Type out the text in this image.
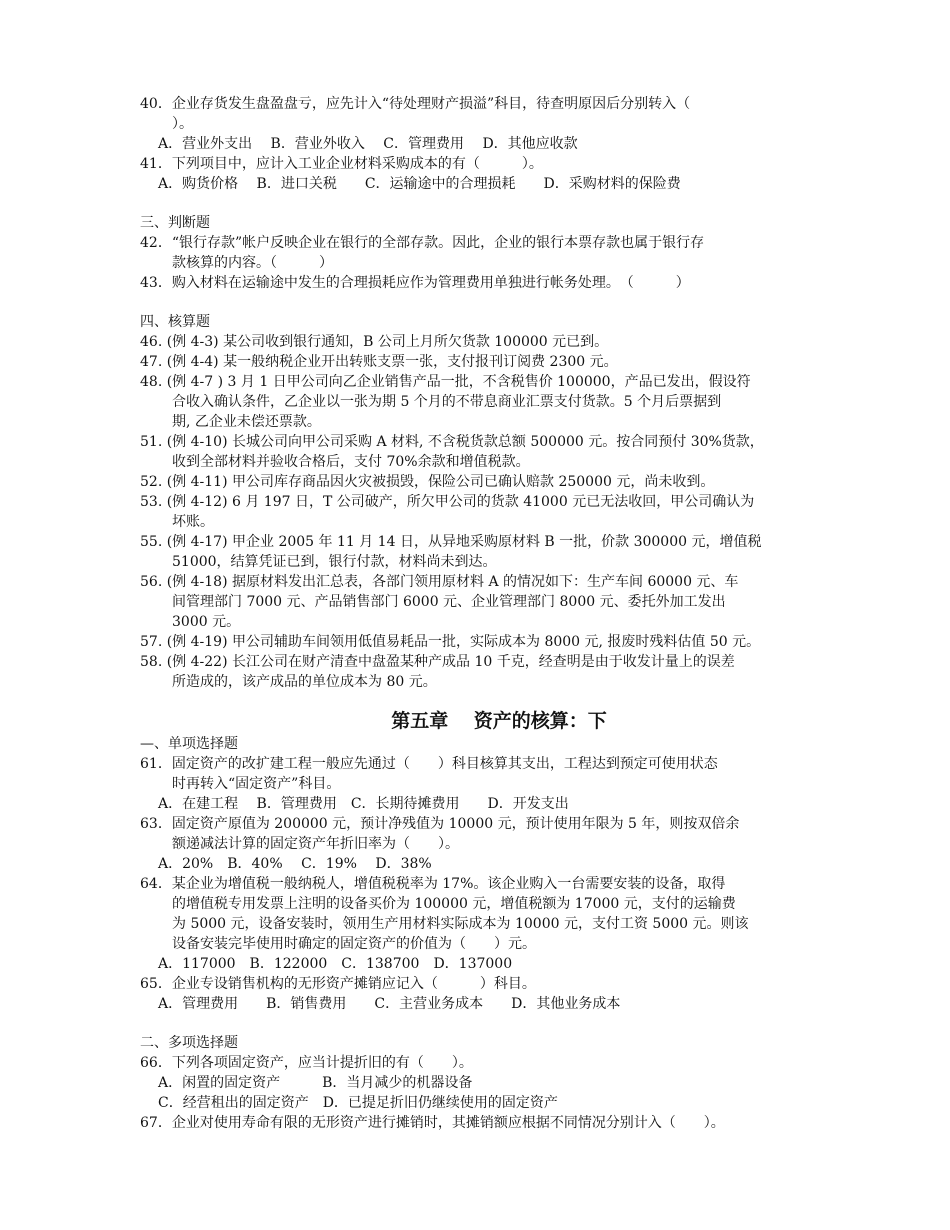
40．企业存货发生盘盈盘亏，应先计入“待处理财产损溢”科目，待查明原因后分别转入（
）。
A．营业外支出　 B．营业外收入　 C．管理费用　 D．其他应收款
41．下列项目中，应计入工业企业材料采购成本的有（　　　）。
A．购货价格　 B．进口关税　　C．运输途中的合理损耗　　D．采购材料的保险费
三、判断题
42．“银行存款”帐户反映企业在银行的全部存款。因此，企业的银行本票存款也属于银行存
款核算的内容。（　　　）
43．购入材料在运输途中发生的合理损耗应作为管理费用单独进行帐务处理。　（　　　）
四、核算题
46. (例 4-3) 某公司收到银行通知，B 公司上月所欠货款 100000 元已到。
47. (例 4-4) 某一般纳税企业开出转账支票一张，支付报刊订阅费 2300 元。
48. (例 4-7 ) 3 月 1 日甲公司向乙企业销售产品一批，不含税售价 100000，产品已发出，假设符
合收入确认条件，乙企业以一张为期 5 个月的不带息商业汇票支付货款。5 个月后票据到
期, 乙企业未偿还票款。
51. (例 4-10) 长城公司向甲公司采购 A 材料, 不含税货款总额 500000 元。按合同预付 30%货款，
收到全部材料并验收合格后，支付 70%余款和增值税款。
52. (例 4-11) 甲公司库存商品因火灾被损毁，保险公司已确认赔款 250000 元，尚未收到。
53. (例 4-12) 6 月 197 日，T 公司破产，所欠甲公司的货款 41000 元已无法收回，甲公司确认为
坏账。
55. (例 4-17) 甲企业 2005 年 11 月 14 日，从异地采购原材料 B 一批，价款 300000 元，增值税
51000，结算凭证已到，银行付款，材料尚未到达。
56. (例 4-18) 据原材料发出汇总表，各部门领用原材料 A 的情况如下：生产车间 60000 元、车
间管理部门 7000 元、产品销售部门 6000 元、企业管理部门 8000 元、委托外加工发出
3000 元。
57. (例 4-19) 甲公司辅助车间领用低值易耗品一批，实际成本为 8000 元, 报废时残料估值 50 元。
58. (例 4-22) 长江公司在财产清查中盘盈某种产成品 10 千克，经查明是由于收发计量上的误差
所造成的，该产成品的单位成本为 80 元。
第五章　 资产的核算：下
—、单项选择题
61．固定资产的改扩建工程一般应先通过（　　）科目核算其支出，工程达到预定可使用状态
时再转入“固定资产”科目。
A．在建工程　 B．管理费用　C．长期待摊费用　　D．开发支出
63．固定资产原值为 200000 元，预计净残值为 10000 元，预计使用年限为 5 年，则按双倍余
额递减法计算的固定资产年折旧率为（　　）。
A．20%　B．40%　 C．19%　 D．38%
64．某企业为增值税一般纳税人，增值税税率为 17%。该企业购入一台需要安装的设备，取得
的增值税专用发票上注明的设备买价为 100000 元，增值税额为 17000 元，支付的运输费
为 5000 元，设备安装时，领用生产用材料实际成本为 10000 元，支付工资 5000 元。则该
设备安装完毕使用时确定的固定资产的价值为（　　）元。
A．117000　B．122000　C．138700　D．137000
65．企业专设销售机构的无形资产摊销应记入（　　　）科目。
A．管理费用　　B．销售费用　　C．主营业务成本　　D．其他业务成本
二、多项选择题
66．下列各项固定资产，应当计提折旧的有（　　）。
A．闲置的固定资产　　　B．当月减少的机器设备
C．经营租出的固定资产　D．已提足折旧仍继续使用的固定资产
67．企业对使用寿命有限的无形资产进行摊销时，其摊销额应根据不同情况分别计入（　　）。
